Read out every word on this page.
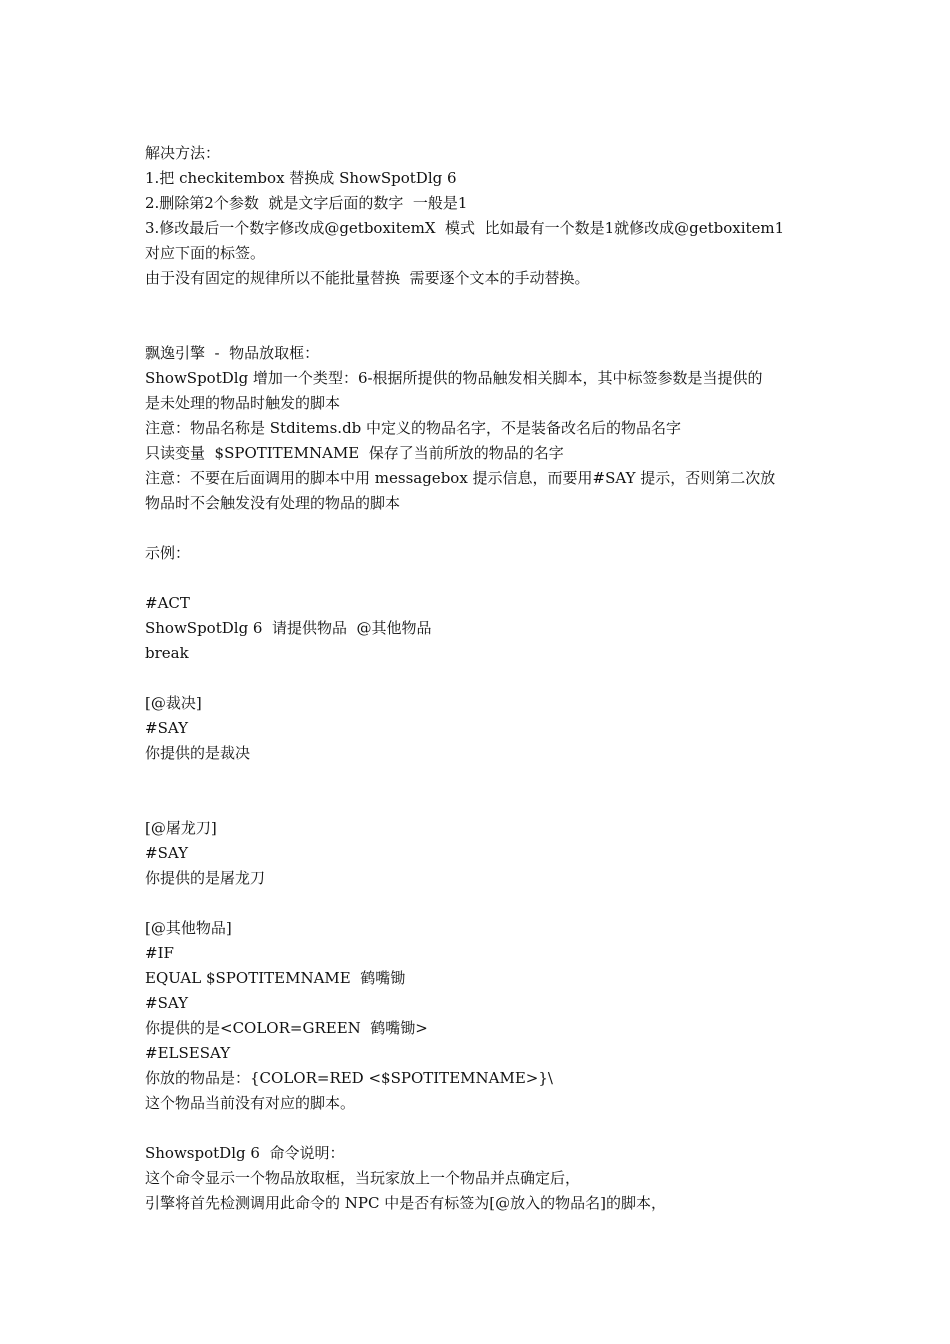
解决方法：
1.把 checkitembox 替换成 ShowSpotDlg 6
2.删除第2个参数  就是文字后面的数字  一般是1
3.修改最后一个数字修改成@getboxitemX  模式  比如最有一个数是1就修改成@getboxitem1
对应下面的标签。
由于没有固定的规律所以不能批量替换  需要逐个文本的手动替换。
飘逸引擎  -  物品放取框：
ShowSpotDlg 增加一个类型：6-根据所提供的物品触发相关脚本，其中标签参数是当提供的
是未处理的物品时触发的脚本
注意：物品名称是 Stditems.db 中定义的物品名字，不是装备改名后的物品名字
只读变量  $SPOTITEMNAME  保存了当前所放的物品的名字
注意：不要在后面调用的脚本中用 messagebox 提示信息，而要用#SAY 提示，否则第二次放
物品时不会触发没有处理的物品的脚本
示例：
#ACT
ShowSpotDlg 6  请提供物品  @其他物品
break
[@裁决]
#SAY
你提供的是裁决
[@屠龙刀]
#SAY
你提供的是屠龙刀
[@其他物品]
#IF
EQUAL $SPOTITEMNAME  鹤嘴锄
#SAY
你提供的是<COLOR=GREEN  鹤嘴锄>
#ELSESAY
你放的物品是：{COLOR=RED <$SPOTITEMNAME>}\
这个物品当前没有对应的脚本。
ShowspotDlg 6  命令说明：
这个命令显示一个物品放取框，当玩家放上一个物品并点确定后，
引擎将首先检测调用此命令的 NPC 中是否有标签为[@放入的物品名]的脚本，
